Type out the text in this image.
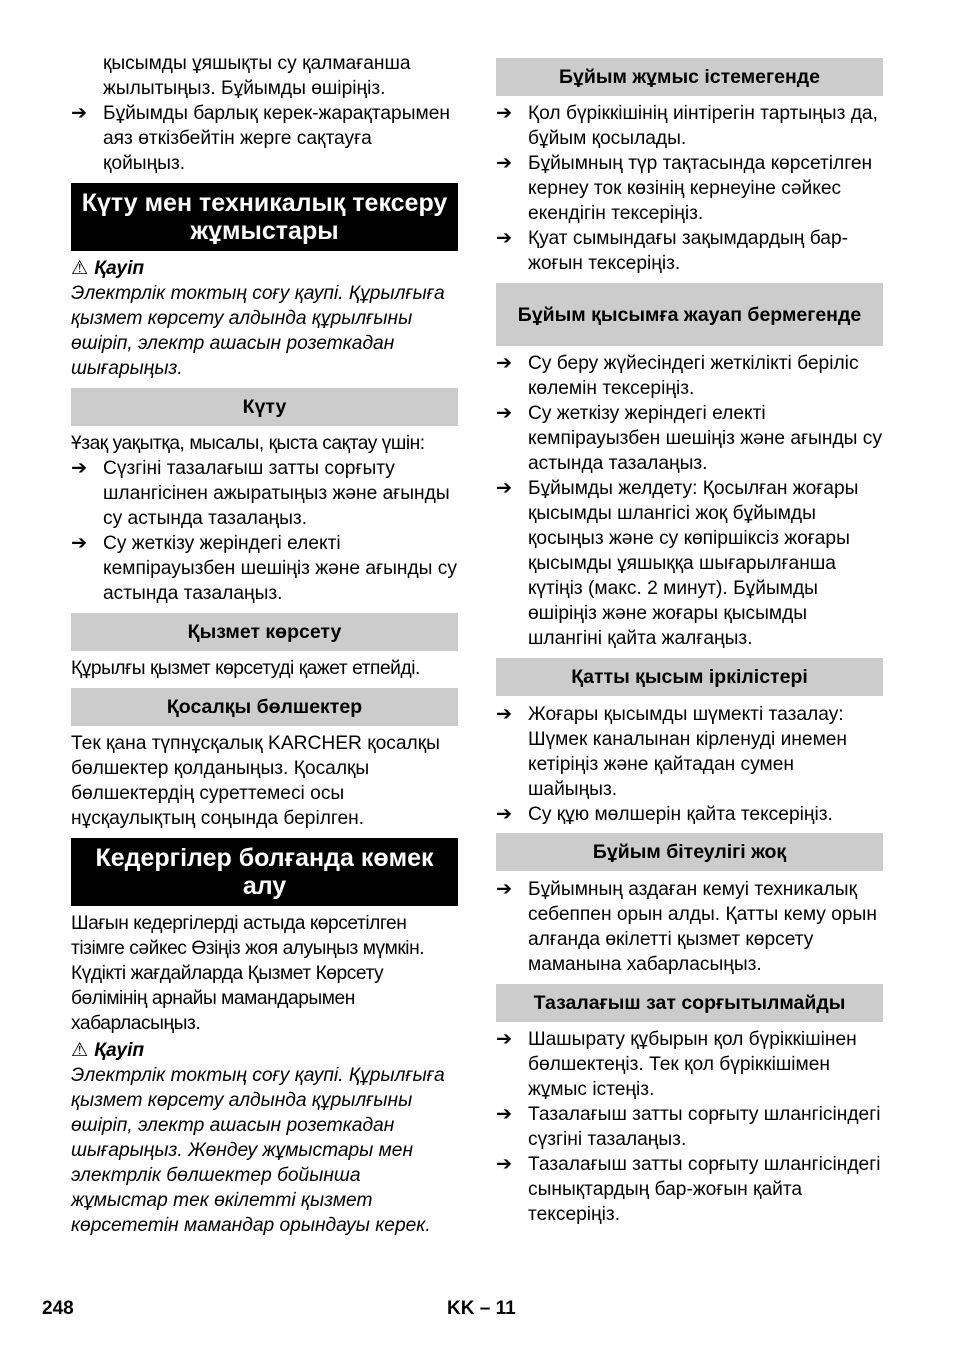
қысымды ұяшықты су қалмағанша жылытыңыз. Бұйымды өшіріңіз.

➔ Бұйымды барлық керек-жарақтарымен аяз өткізбейтін жерге сақтауға қойыңыз.
Күту мен техникалық тексеру жұмыстары
⚠ Қауіп

Электрлік токтың соғу қаупі. Құрылғыға қызмет көрсету алдында құрылғыны өшіріп, электр ашасын розеткадан шығарыңыз.

Күту

Ұзақ уақытқа, мысалы, қыста сақтау үшін:

➔ Сүзгіні тазалағыш затты сорғыту шлангісінен ажыратыңыз және ағынды су астында тазалаңыз.
➔ Су жеткізу жеріндегі електі кемпірауызбен шешіңіз және ағынды су астында тазалаңыз.
Қызмет көрсету

Құрылғы қызмет көрсетуді қажет етпейді.

Қосалқы бөлшектер

Тек қана түпнұсқалық KARCHER қосалқы бөлшектер қолданыңыз. Қосалқы бөлшектердің суреттемесі осы нұсқаулықтың соңында берілген.

Кедергілер болғанда көмек алу

Шағын кедергілерді астыда көрсетілген тізімге сәйкес Өзіңіз жоя алуыңыз мүмкін. Күдікті жағдайларда Қызмет Көрсету бөлімінің арнайы мамандарымен хабарласыңыз.

⚠ Қауіп

Электрлік токтың соғу қаупі. Құрылғыға қызмет көрсету алдында құрылғыны өшіріп, электр ашасын розеткадан шығарыңыз. Жөндеу жұмыстары мен электрлік бөлшектер бойынша жұмыстар тек өкілетті қызмет көрсететін мамандар орындауы керек.

Бұйым жұмыс істемегенде
➔ Қол бүріккішінің иінтірегін тартыңыз да, бұйым қосылады.
➔ Бұйымның түр тақтасында көрсетілген кернеу ток көзінің кернеуіне сәйкес екендігін тексеріңіз.
➔ Қуат сымындағы зақымдардың бар-жоғын тексеріңіз.
Бұйым қысымға жауап бермегенде
➔ Су беру жүйесіндегі жеткілікті беріліс көлемін тексеріңіз.
➔ Су жеткізу жеріндегі електі кемпірауызбен шешіңіз және ағынды су астында тазалаңыз.
➔ Бұйымды желдету: Қосылған жоғары қысымды шлангісі жоқ бұйымды қосыңыз және су көпіршіксіз жоғары қысымды ұяшыққа шығарылғанша күтіңіз (макс. 2 минут). Бұйымды өшіріңіз және жоғары қысымды шлангіні қайта жалғаңыз.
Қатты қысым іркілістері
➔ Жоғары қысымды шүмекті тазалау: Шүмек каналынан кірленуді инемен кетіріңіз және қайтадан сумен шайыңыз.
➔ Су құю мөлшерін қайта тексеріңіз.
Бұйым бітеулігі жоқ
➔ Бұйымның аздаған кемуі техникалық себеппен орын алды. Қатты кему орын алғанда өкілетті қызмет көрсету маманына хабарласыңыз.
Тазалағыш зат сорғытылмайды
➔ Шашырату құбырын қол бүріккішінен бөлшектеңіз. Тек қол бүріккішімен жұмыс істеңіз.
➔ Тазалағыш затты сорғыту шлангісіндегі сүзгіні тазалаңыз.
➔ Тазалағыш затты сорғыту шлангісіндегі сынықтардың бар-жоғын қайта тексеріңіз.
248	KK – 11
